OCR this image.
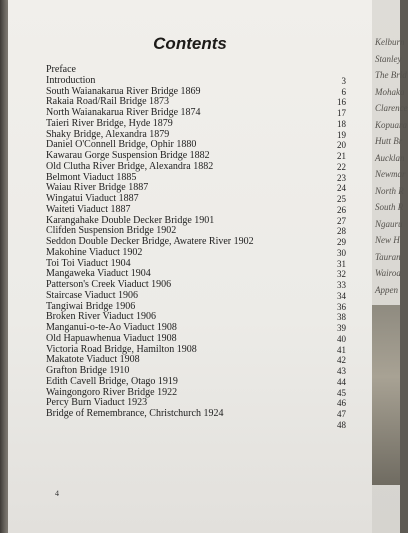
Contents
Preface
Introduction	3
South Waianakarua River Bridge 1869	6
Rakaia Road/Rail Bridge 1873	16
North Waianakarua River Bridge 1874	17
Taieri River Bridge, Hyde 1879	18
Shaky Bridge, Alexandra 1879	19
Daniel O'Connell Bridge, Ophir 1880	20
Kawarau Gorge Suspension Bridge 1882	21
Old Clutha River Bridge, Alexandra 1882	22
Belmont Viaduct 1885	23
Waiau River Bridge 1887	24
Wingatui Viaduct 1887	25
Waiteti Viaduct 1887	26
Karangahake Double Decker Bridge 1901	27
Clifden Suspension Bridge 1902	28
Seddon Double Decker Bridge, Awatere River 1902	29
Makohine Viaduct 1902	30
Toi Toi Viaduct 1904	31
Mangaweka Viaduct 1904	32
Patterson's Creek Viaduct 1906	33
Staircase Viaduct 1906	34
Tangiwai Bridge 1906	36
Broken River Viaduct 1906	38
Manganui-o-te-Ao Viaduct 1908	39
Old Hapuawhenua Viaduct 1908	40
Victoria Road Bridge, Hamilton 1908	41
Makatote Viaduct 1908	42
Grafton Bridge 1910	43
Edith Cavell Bridge, Otago 1919	44
Waingongoro River Bridge 1922	45
Percy Burn Viaduct 1923	46
Bridge of Remembrance, Christchurch 1924	47
48
4
Kelburn
Stanley
The Brid
Mohaka
Clarence
Kopuara
Hutt Br
Aucklan
Newmar
North R
South R
Ngauru
New H
Tauran
Wairoa
Appen
